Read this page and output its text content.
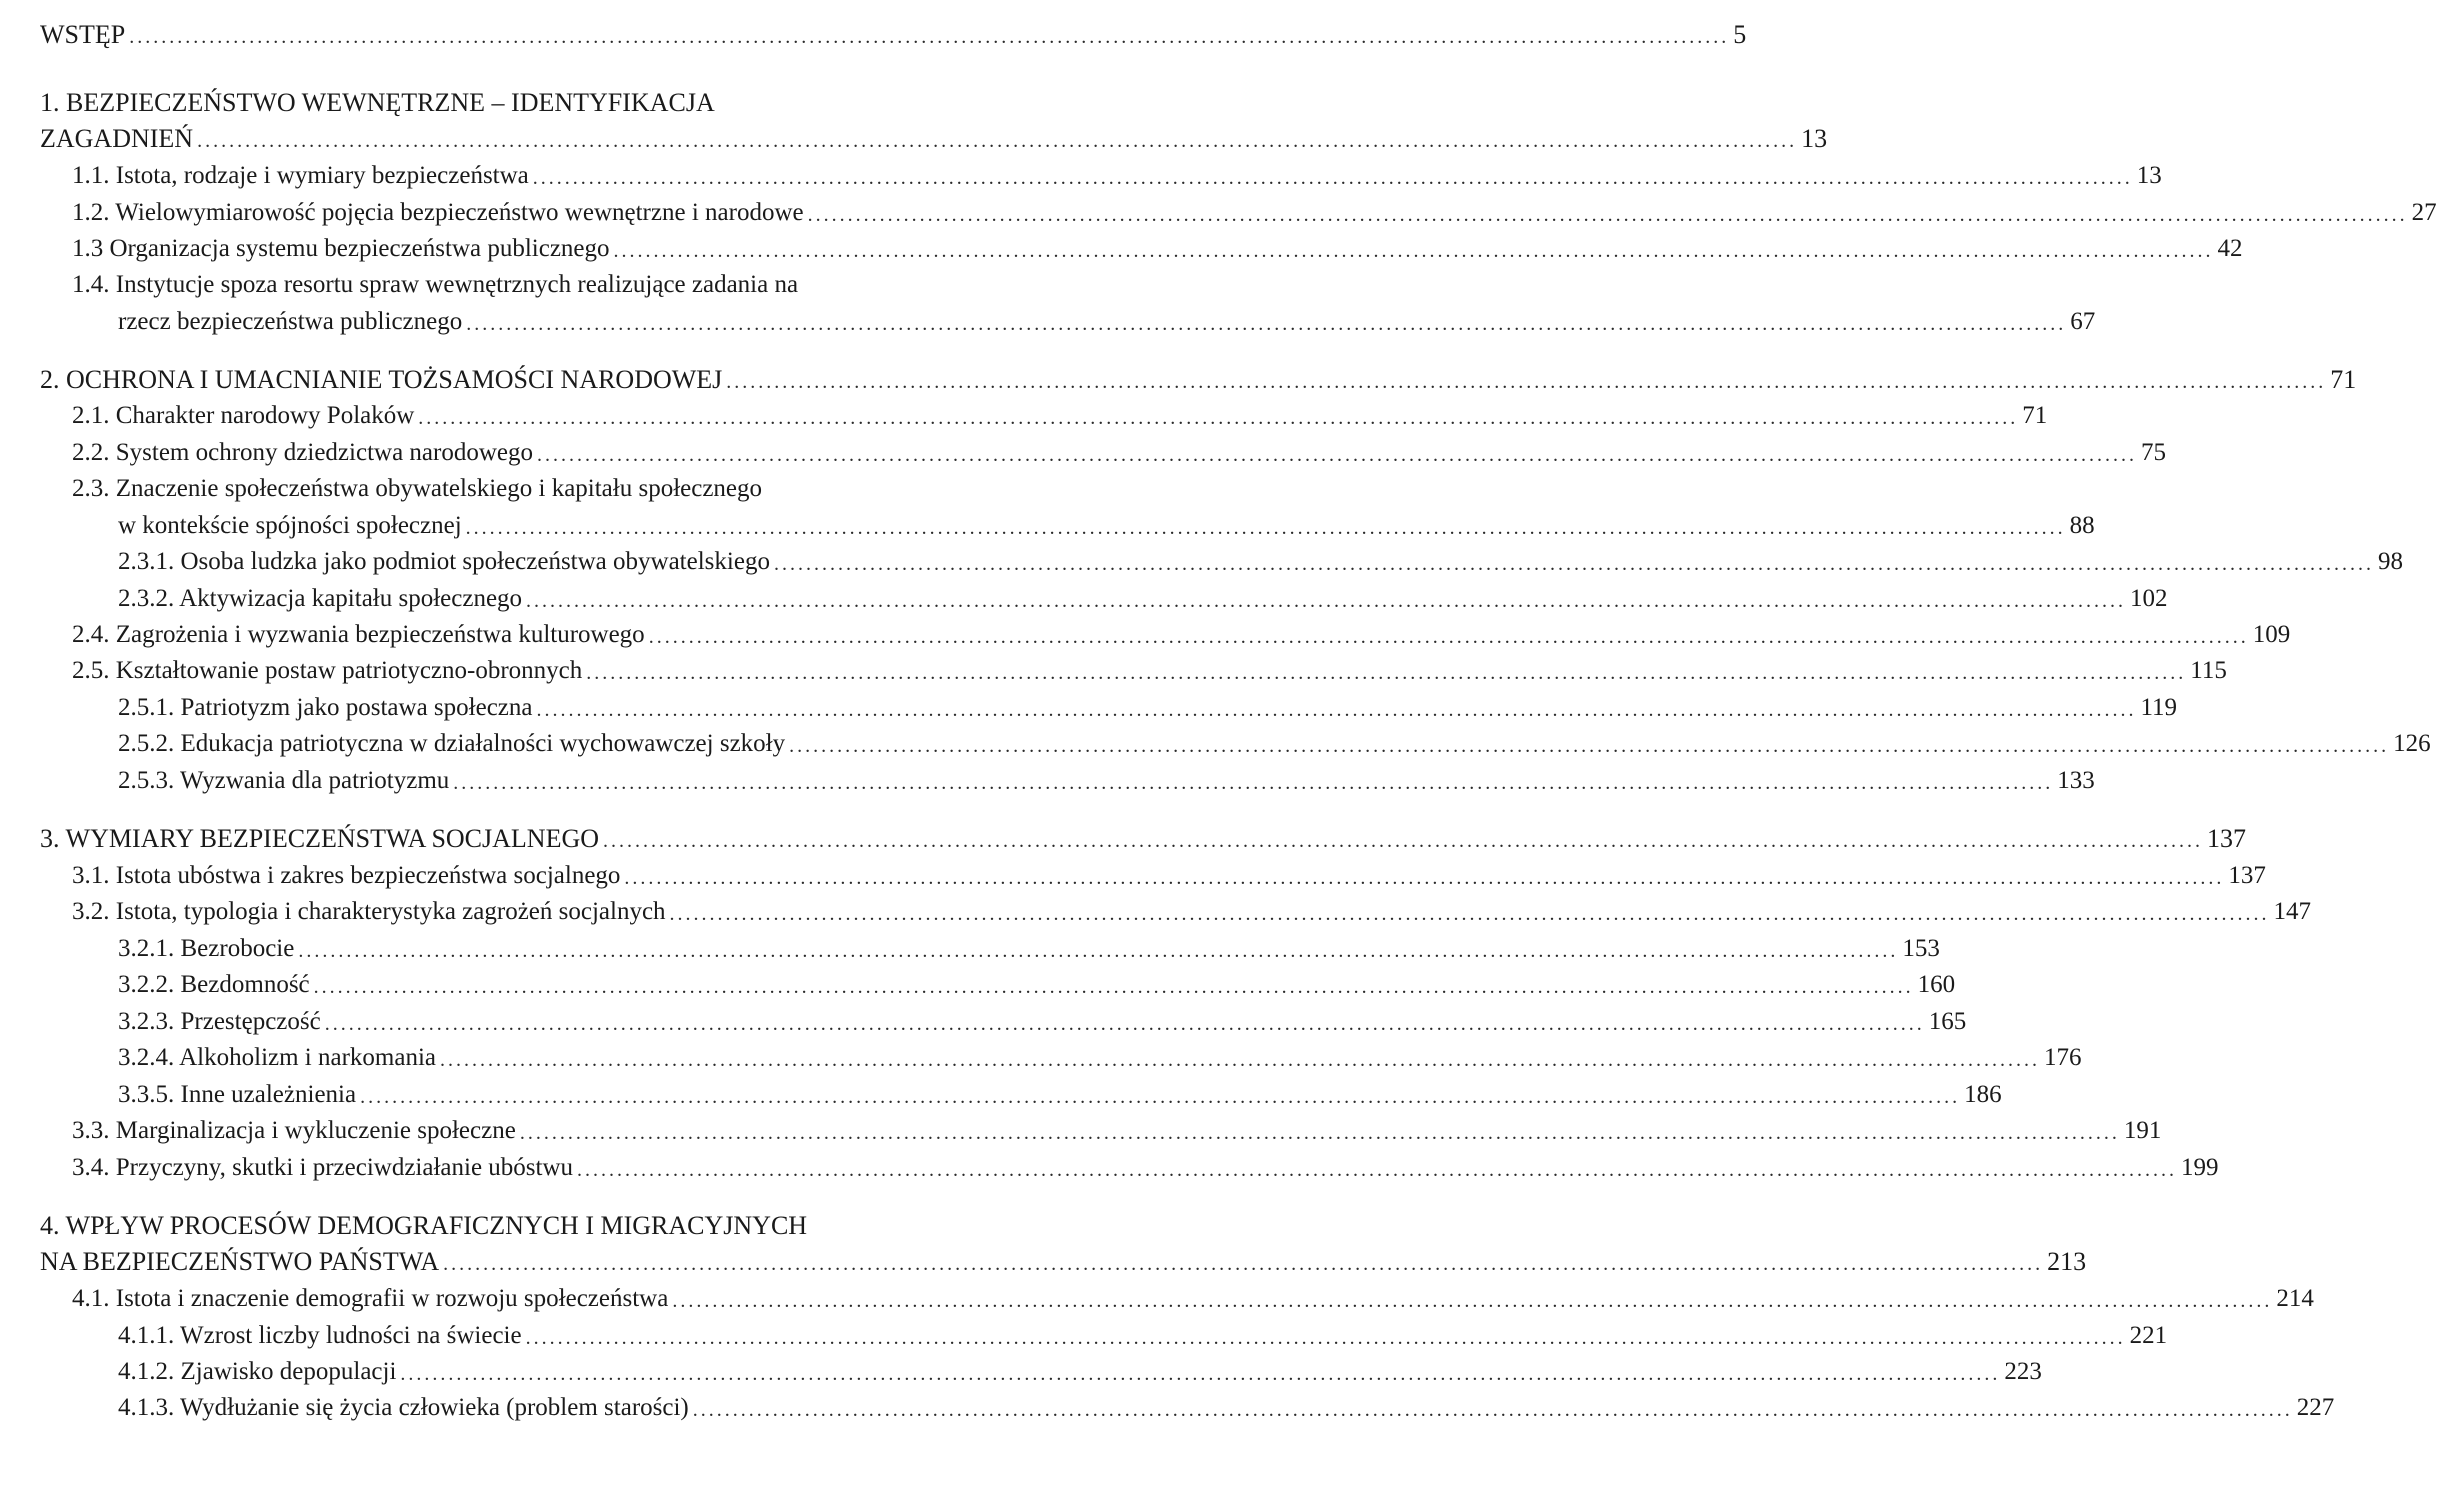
WSTĘP ........................................................................................................................................................................................................ 5
1. BEZPIECZEŃSTWO WEWNĘTRZNE – IDENTYFIKACJA
ZAGADNIEŃ ........................................................................................................................................................................................................ 13
1.1. Istota, rodzaje i wymiary bezpieczeństwa ........................................................................................................................................................................................................ 13
1.2. Wielowymiarowość pojęcia bezpieczeństwo wewnętrzne i narodowe ........................................................................................................................................................................................................ 27
1.3 Organizacja systemu bezpieczeństwa publicznego ........................................................................................................................................................................................................ 42
1.4. Instytucje spoza resortu spraw wewnętrznych realizujące zadania na
rzecz bezpieczeństwa publicznego ........................................................................................................................................................................................................ 67
2. OCHRONA I UMACNIANIE TOŻSAMOŚCI NARODOWEJ ........................................................................................................................................................................................................ 71
2.1. Charakter narodowy Polaków ........................................................................................................................................................................................................ 71
2.2. System ochrony dziedzictwa narodowego ........................................................................................................................................................................................................ 75
2.3. Znaczenie społeczeństwa obywatelskiego i kapitału społecznego
w kontekście spójności społecznej ........................................................................................................................................................................................................ 88
2.3.1. Osoba ludzka jako podmiot społeczeństwa obywatelskiego ........................................................................................................................................................................................................ 98
2.3.2. Aktywizacja kapitału społecznego ........................................................................................................................................................................................................ 102
2.4. Zagrożenia i wyzwania bezpieczeństwa kulturowego ........................................................................................................................................................................................................ 109
2.5. Kształtowanie postaw patriotyczno-obronnych ........................................................................................................................................................................................................ 115
2.5.1. Patriotyzm jako postawa społeczna ........................................................................................................................................................................................................ 119
2.5.2. Edukacja patriotyczna w działalności wychowawczej szkoły ........................................................................................................................................................................................................ 126
2.5.3. Wyzwania dla patriotyzmu ........................................................................................................................................................................................................ 133
3. WYMIARY BEZPIECZEŃSTWA SOCJALNEGO ........................................................................................................................................................................................................ 137
3.1. Istota ubóstwa i zakres bezpieczeństwa socjalnego ........................................................................................................................................................................................................ 137
3.2. Istota, typologia i charakterystyka zagrożeń socjalnych ........................................................................................................................................................................................................ 147
3.2.1. Bezrobocie ........................................................................................................................................................................................................ 153
3.2.2. Bezdomność ........................................................................................................................................................................................................ 160
3.2.3. Przestępczość ........................................................................................................................................................................................................ 165
3.2.4. Alkoholizm i narkomania ........................................................................................................................................................................................................ 176
3.3.5. Inne uzależnienia ........................................................................................................................................................................................................ 186
3.3. Marginalizacja i wykluczenie społeczne ........................................................................................................................................................................................................ 191
3.4. Przyczyny, skutki i przeciwdziałanie ubóstwu ........................................................................................................................................................................................................ 199
4. WPŁYW PROCESÓW DEMOGRAFICZNYCH I MIGRACYJNYCH
NA BEZPIECZEŃSTWO PAŃSTWA ........................................................................................................................................................................................................ 213
4.1. Istota i znaczenie demografii w rozwoju społeczeństwa ........................................................................................................................................................................................................ 214
4.1.1. Wzrost liczby ludności na świecie ........................................................................................................................................................................................................ 221
4.1.2. Zjawisko depopulacji ........................................................................................................................................................................................................ 223
4.1.3. Wydłużanie się życia człowieka (problem starości) ........................................................................................................................................................................................................ 227
